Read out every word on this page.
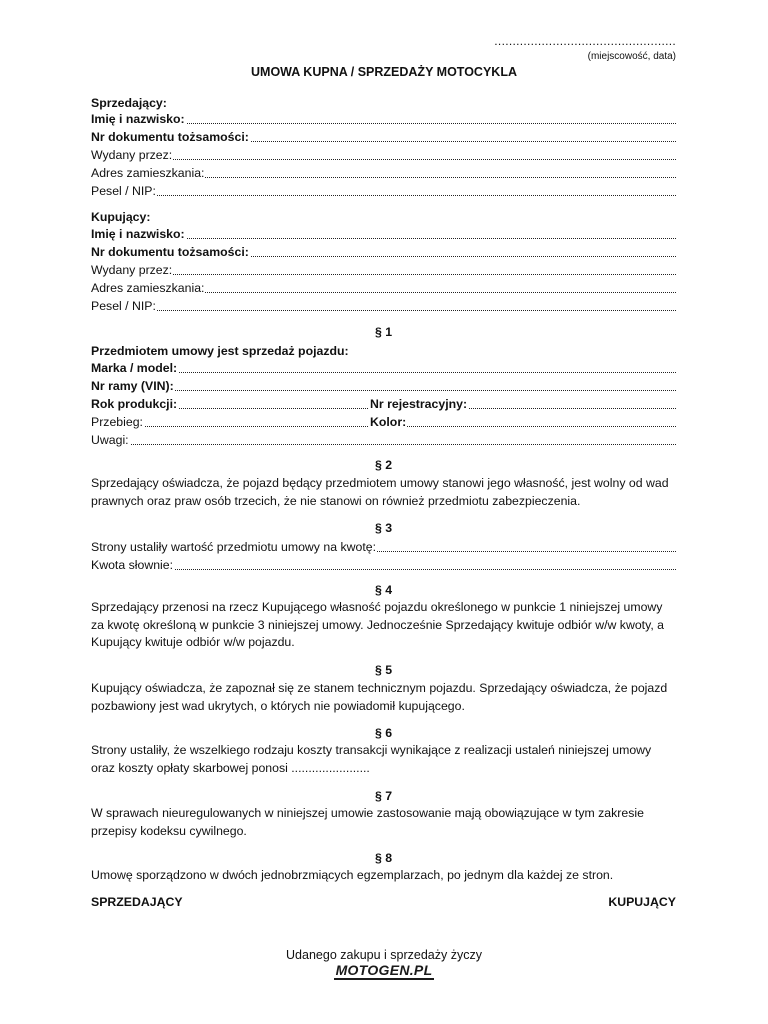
..................................................
(miejscowość, data)
UMOWA KUPNA / SPRZEDAŻY MOTOCYKLA
Sprzedający:
Imię i nazwisko:
Nr dokumentu tożsamości:
Wydany przez:
Adres zamieszkania:
Pesel / NIP:
Kupujący:
Imię i nazwisko:
Nr dokumentu tożsamości:
Wydany przez:
Adres zamieszkania:
Pesel / NIP:
§ 1
Przedmiotem umowy jest sprzedaż pojazdu:
Marka / model:
Nr ramy (VIN):
Rok produkcji:	Nr rejestracyjny:
Przebieg:	Kolor:
Uwagi:
§ 2
Sprzedający oświadcza, że pojazd będący przedmiotem umowy stanowi jego własność, jest wolny od wad prawnych oraz praw osób trzecich, że nie stanowi on również przedmiotu zabezpieczenia.
§ 3
Strony ustaliły wartość przedmiotu umowy na kwotę:
Kwota słownie:
§ 4
Sprzedający przenosi na rzecz Kupującego własność pojazdu określonego w punkcie 1 niniejszej umowy za kwotę określoną w punkcie 3 niniejszej umowy. Jednocześnie Sprzedający kwituje odbiór w/w kwoty, a Kupujący kwituje odbiór w/w pojazdu.
§ 5
Kupujący oświadcza, że zapoznał się ze stanem technicznym pojazdu. Sprzedający oświadcza, że pojazd pozbawiony jest wad ukrytych, o których nie powiadomił kupującego.
§ 6
Strony ustaliły, że wszelkiego rodzaju koszty transakcji wynikające z realizacji ustaleń niniejszej umowy oraz koszty opłaty skarbowej ponosi .......................
§ 7
W sprawach nieuregulowanych w niniejszej umowie zastosowanie mają obowiązujące w tym zakresie przepisy kodeksu cywilnego.
§ 8
Umowę sporządzono w dwóch jednobrzmiących egzemplarzach, po jednym dla każdej ze stron.
SPRZEDAJĄCY	KUPUJĄCY
Udanego zakupu i sprzedaży życzy
MOTOGEN.PL
